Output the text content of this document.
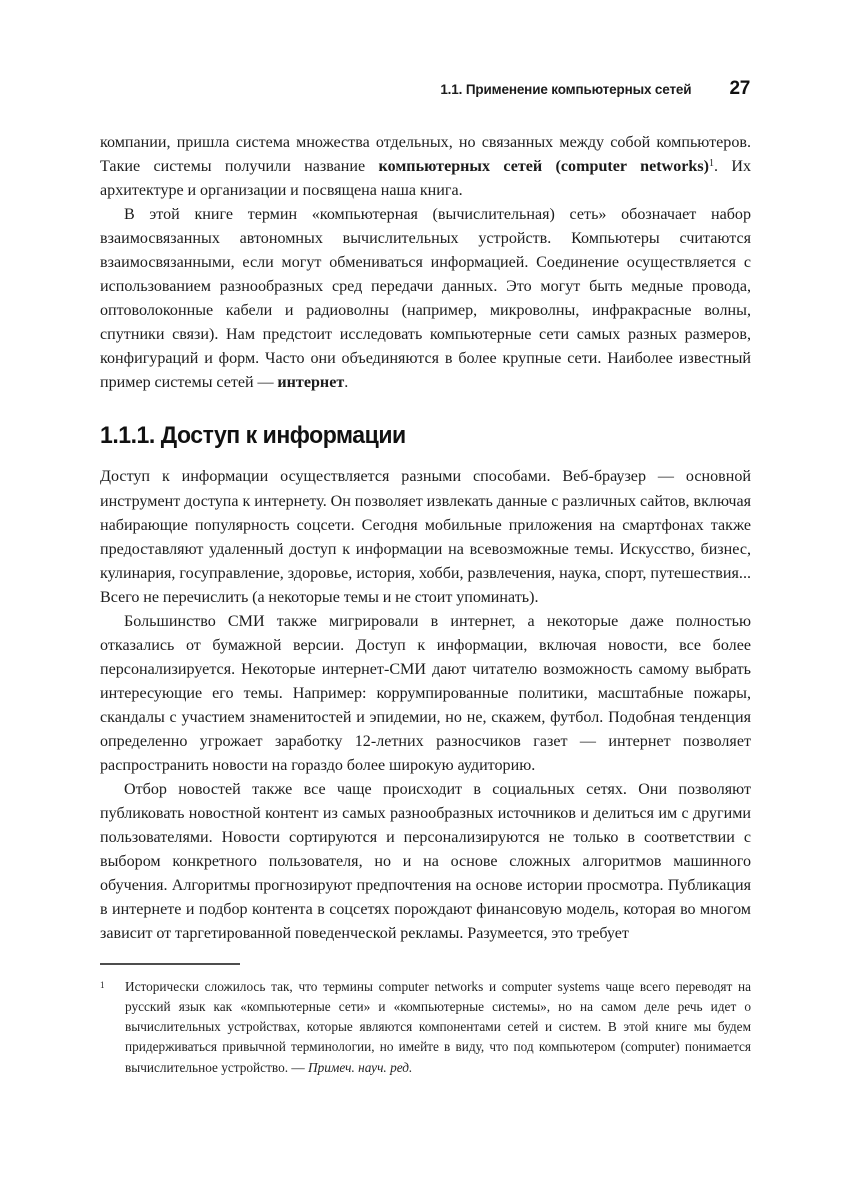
1.1. Применение компьютерных сетей 27

компании, пришла система множества отдельных, но связанных между собой компьютеров. Такие системы получили название компьютерных сетей (computer networks)$^1$. Их архитектуре и организации и посвящена наша книга.

В этой книге термин «компьютерная (вычислительная) сеть» обозначает набор взаимосвязанных автономных вычислительных устройств. Компьютеры считаются взаимосвязанными, если могут обмениваться информацией. Соединение осуществляется с использованием разнообразных сред передачи данных. Это могут быть медные провода, оптоволоконные кабели и радиоволны (например, микроволны, инфракрасные волны, спутники связи). Нам предстоит исследовать компьютерные сети самых разных размеров, конфигураций и форм. Часто они объединяются в более крупные сети. Наиболее известный пример системы сетей — интернет.

1.1.1. Доступ к информации

Доступ к информации осуществляется разными способами. Веб-браузер — основной инструмент доступа к интернету. Он позволяет извлекать данные с различных сайтов, включая набирающие популярность соцсети. Сегодня мобильные приложения на смартфонах также предоставляют удаленный доступ к информации на всевозможные темы. Искусство, бизнес, кулинария, госуправление, здоровье, история, хобби, развлечения, наука, спорт, путешествия... Всего не перечислить (а некоторые темы и не стоит упоминать).

Большинство СМИ также мигрировали в интернет, а некоторые даже полностью отказались от бумажной версии. Доступ к информации, включая новости, все более персонализируется. Некоторые интернет-СМИ дают читателю возможность самому выбрать интересующие его темы. Например: коррумпированные политики, масштабные пожары, скандалы с участием знаменитостей и эпидемии, но не, скажем, футбол. Подобная тенденция определенно угрожает заработку 12-летних разносчиков газет — интернет позволяет распространить новости на гораздо более широкую аудиторию.

Отбор новостей также все чаще происходит в социальных сетях. Они позволяют публиковать новостной контент из самых разнообразных источников и делиться им с другими пользователями. Новости сортируются и персонализируются не только в соответствии с выбором конкретного пользователя, но и на основе сложных алгоритмов машинного обучения. Алгоритмы прогнозируют предпочтения на основе истории просмотра. Публикация в интернете и подбор контента в соцсетях порождают финансовую модель, которая во многом зависит от таргетированной поведенческой рекламы. Разумеется, это требует

1	Исторически сложилось так, что термины computer networks и computer systems чаще всего переводят на русский язык как «компьютерные сети» и «компьютерные системы», но на самом деле речь идет о вычислительных устройствах, которые являются компонентами сетей и систем. В этой книге мы будем придерживаться привычной терминологии, но имейте в виду, что под компьютером (computer) понимается вычислительное устройство. — Примеч. науч. ред.
